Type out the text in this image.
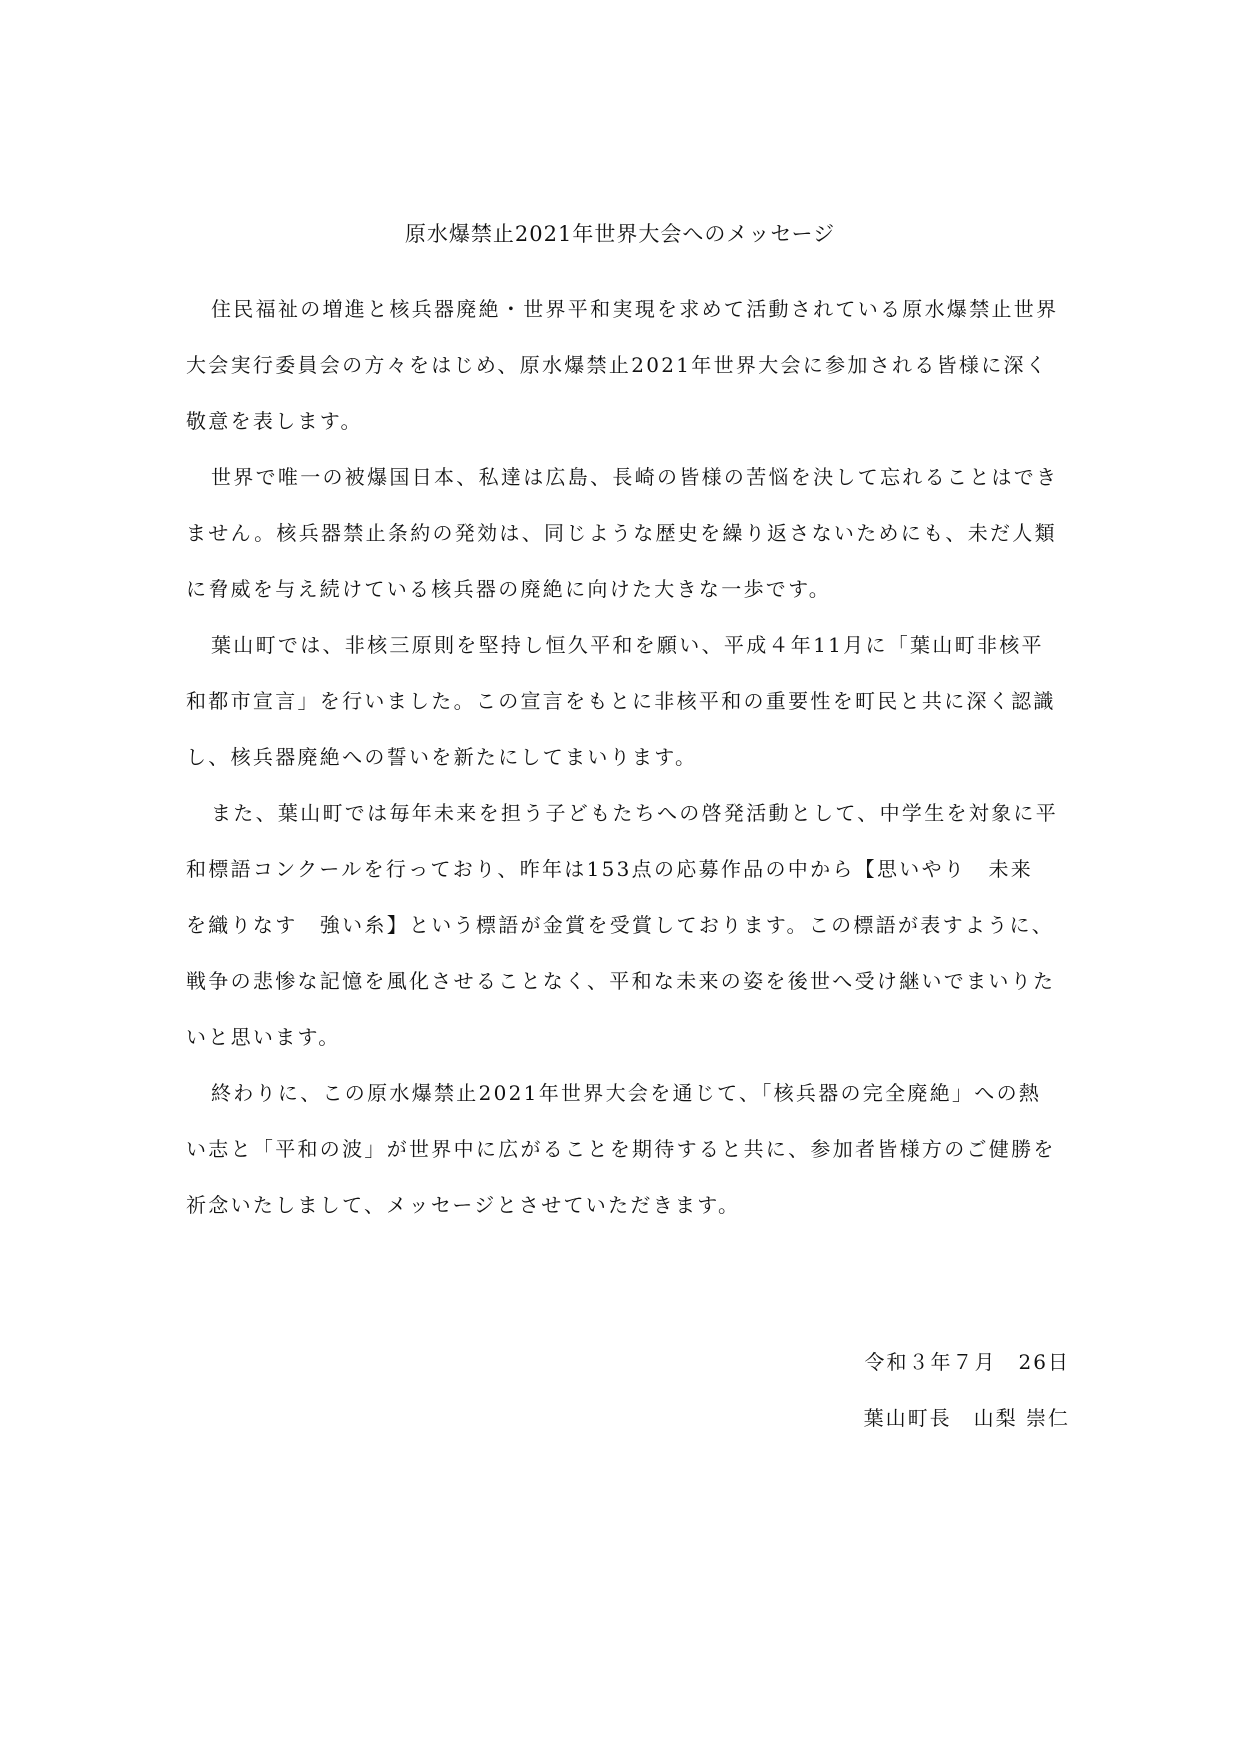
原水爆禁止2021年世界大会へのメッセージ
住民福祉の増進と核兵器廃絶・世界平和実現を求めて活動されている原水爆禁止世界
大会実行委員会の方々をはじめ、原水爆禁止2021年世界大会に参加される皆様に深く
敬意を表します。
世界で唯一の被爆国日本、私達は広島、長崎の皆様の苦悩を決して忘れることはでき
ません。核兵器禁止条約の発効は、同じような歴史を繰り返さないためにも、未だ人類
に脅威を与え続けている核兵器の廃絶に向けた大きな一歩です。
葉山町では、非核三原則を堅持し恒久平和を願い、平成４年11月に「葉山町非核平
和都市宣言」を行いました。この宣言をもとに非核平和の重要性を町民と共に深く認識
し、核兵器廃絶への誓いを新たにしてまいります。
また、葉山町では毎年未来を担う子どもたちへの啓発活動として、中学生を対象に平
和標語コンクールを行っており、昨年は153点の応募作品の中から【思いやり　未来
を織りなす　強い糸】という標語が金賞を受賞しております。この標語が表すように、
戦争の悲惨な記憶を風化させることなく、平和な未来の姿を後世へ受け継いでまいりた
いと思います。
終わりに、この原水爆禁止2021年世界大会を通じて、「核兵器の完全廃絶」への熱
い志と「平和の波」が世界中に広がることを期待すると共に、参加者皆様方のご健勝を
祈念いたしまして、メッセージとさせていただきます。
令和３年７月　26日
葉山町長　山梨 崇仁
